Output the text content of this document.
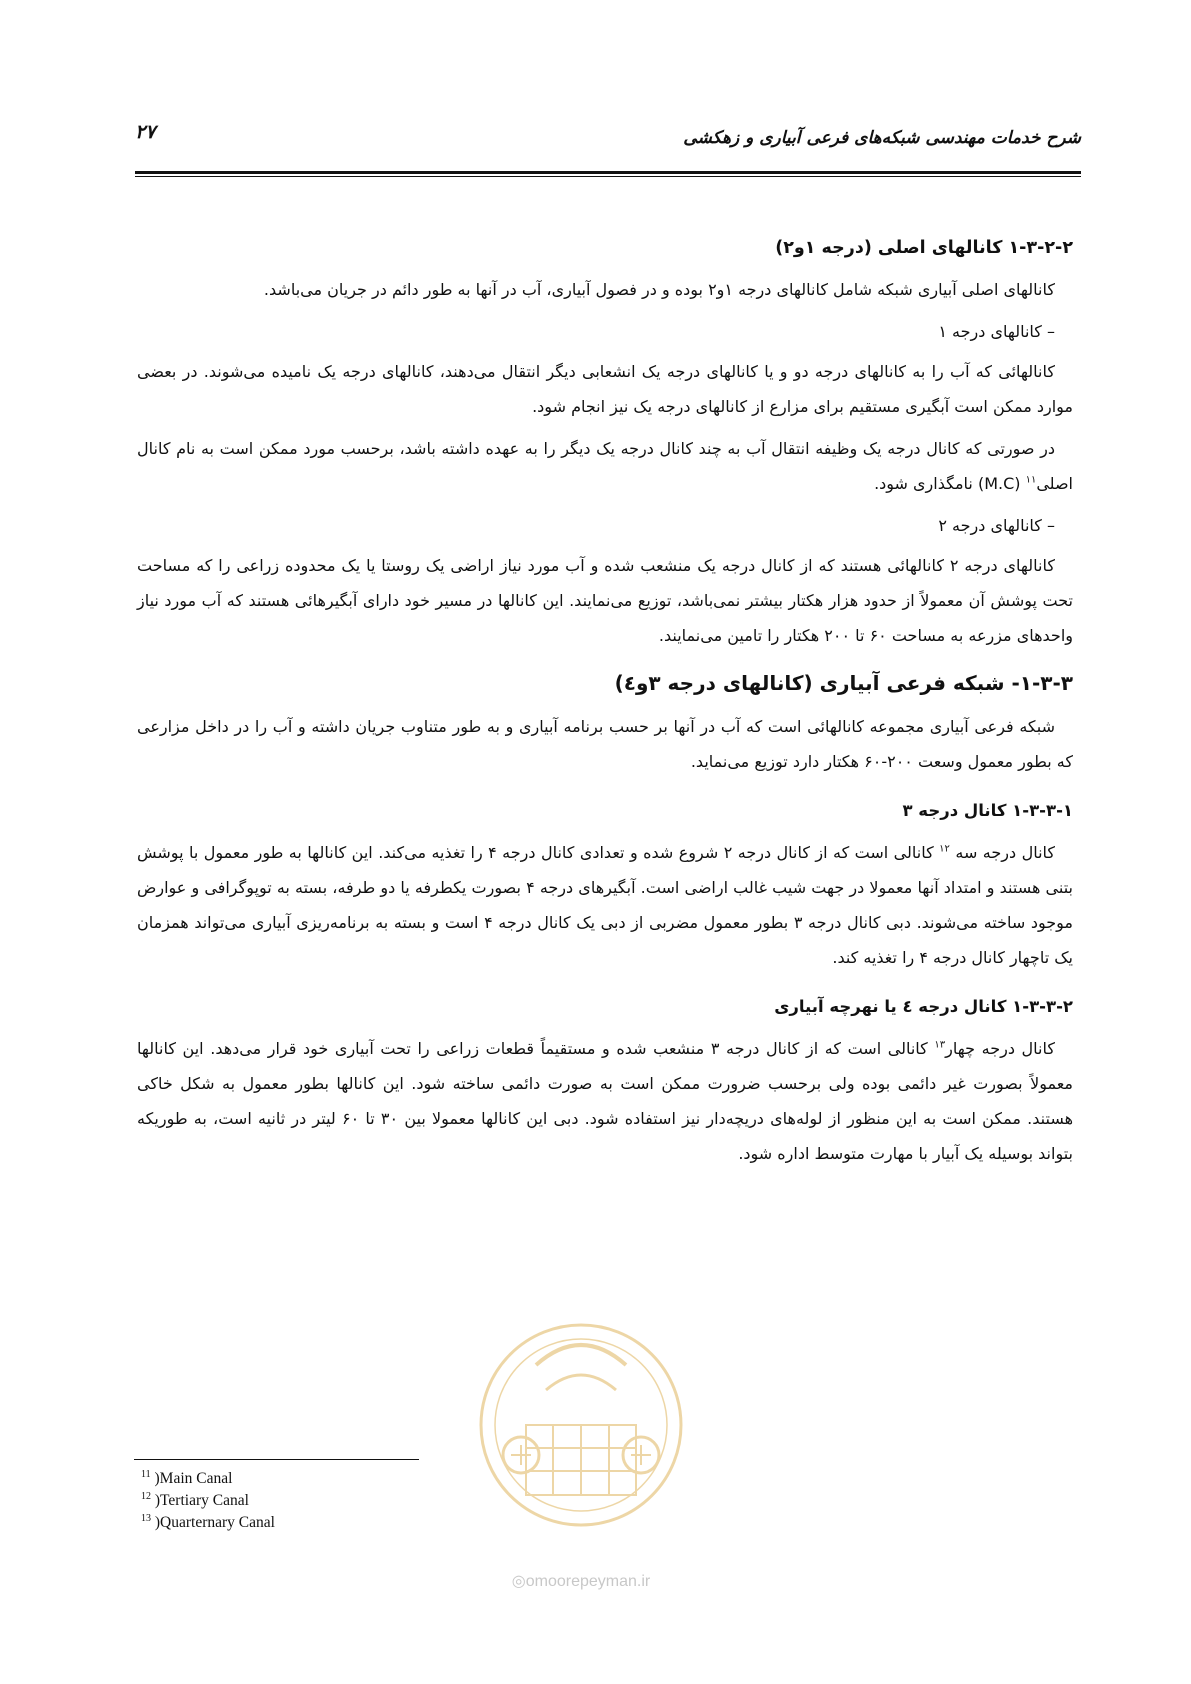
۲۷	شرح خدمات مهندسی شبکه‌های فرعی آبیاری و زهکشی
۱-۳-۲-۲ کانالهای اصلی (درجه ۱و۲)

کانالهای اصلی آبیاری شبکه شامل کانالهای درجه ۱و۲ بوده و در فصول آبیاری، آب در آنها به طور دائم در جریان می‌باشد.

– کانالهای درجه ۱

کانالهائی که آب را به کانالهای درجه دو و یا کانالهای درجه یک انشعابی دیگر انتقال می‌دهند، کانالهای درجه یک نامیده می‌شوند. در بعضی موارد ممکن است آبگیری مستقیم برای مزارع از کانالهای درجه یک نیز انجام شود.

در صورتی که کانال درجه یک وظیفه انتقال آب به چند کانال درجه یک دیگر را به عهده داشته باشد، برحسب مورد ممکن است به نام کانال اصلی$^{۱۱}$ (M.C) نامگذاری شود.

– کانالهای درجه ۲

کانالهای درجه ۲ کانالهائی هستند که از کانال درجه یک منشعب شده و آب مورد نیاز اراضی یک روستا یا یک محدوده زراعی را که مساحت تحت پوشش آن معمولاً از حدود هزار هکتار بیشتر نمی‌باشد، توزیع می‌نمایند. این کانالها در مسیر خود دارای آبگیرهائی هستند که آب مورد نیاز واحدهای مزرعه به مساحت ۶۰ تا ۲۰۰ هکتار را تامین می‌نمایند.

۱-۳-۳- شبکه فرعی آبیاری (کانالهای درجه ۳و٤)

شبکه فرعی آبیاری مجموعه کانالهائی است که آب در آنها بر حسب برنامه آبیاری و به طور متناوب جریان داشته و آب را در داخل مزارعی که بطور معمول وسعت ۲۰۰-۶۰ هکتار دارد توزیع می‌نماید.

۱-۳-۳-۱ کانال درجه ۳

کانال درجه سه $^{۱۲}$ کانالی است که از کانال درجه ۲ شروع شده و تعدادی کانال درجه ۴ را تغذیه می‌کند. این کانالها به طور معمول با پوشش بتنی هستند و امتداد آنها معمولا در جهت شیب غالب اراضی است. آبگیرهای درجه ۴ بصورت یکطرفه یا دو طرفه، بسته به توپوگرافی و عوارض موجود ساخته می‌شوند. دبی کانال درجه ۳ بطور معمول مضربی از دبی یک کانال درجه ۴ است و بسته به برنامه‌ریزی آبیاری می‌تواند همزمان یک تاچهار کانال درجه ۴ را تغذیه کند.

۱-۳-۳-۲ کانال درجه ٤ یا نهرچه آبیاری

کانال درجه چهار$^{۱۳}$ کانالی است که از کانال درجه ۳ منشعب شده و مستقیماً قطعات زراعی را تحت آبیاری خود قرار می‌دهد. این کانالها معمولاً بصورت غیر دائمی بوده ولی برحسب ضرورت ممکن است به صورت دائمی ساخته شود. این کانالها بطور معمول به شکل خاکی هستند. ممکن است به این منظور از لوله‌های دریچه‌دار نیز استفاده شود. دبی این کانالها معمولا بین ۳۰ تا ۶۰ لیتر در ثانیه است، به طوریکه بتواند بوسیله یک آبیار با مهارت متوسط اداره شود.

◎omoorepeyman.ir
$^{11}$ )Main Canal
$^{12}$ )Tertiary Canal
$^{13}$ )Quarternary Canal
